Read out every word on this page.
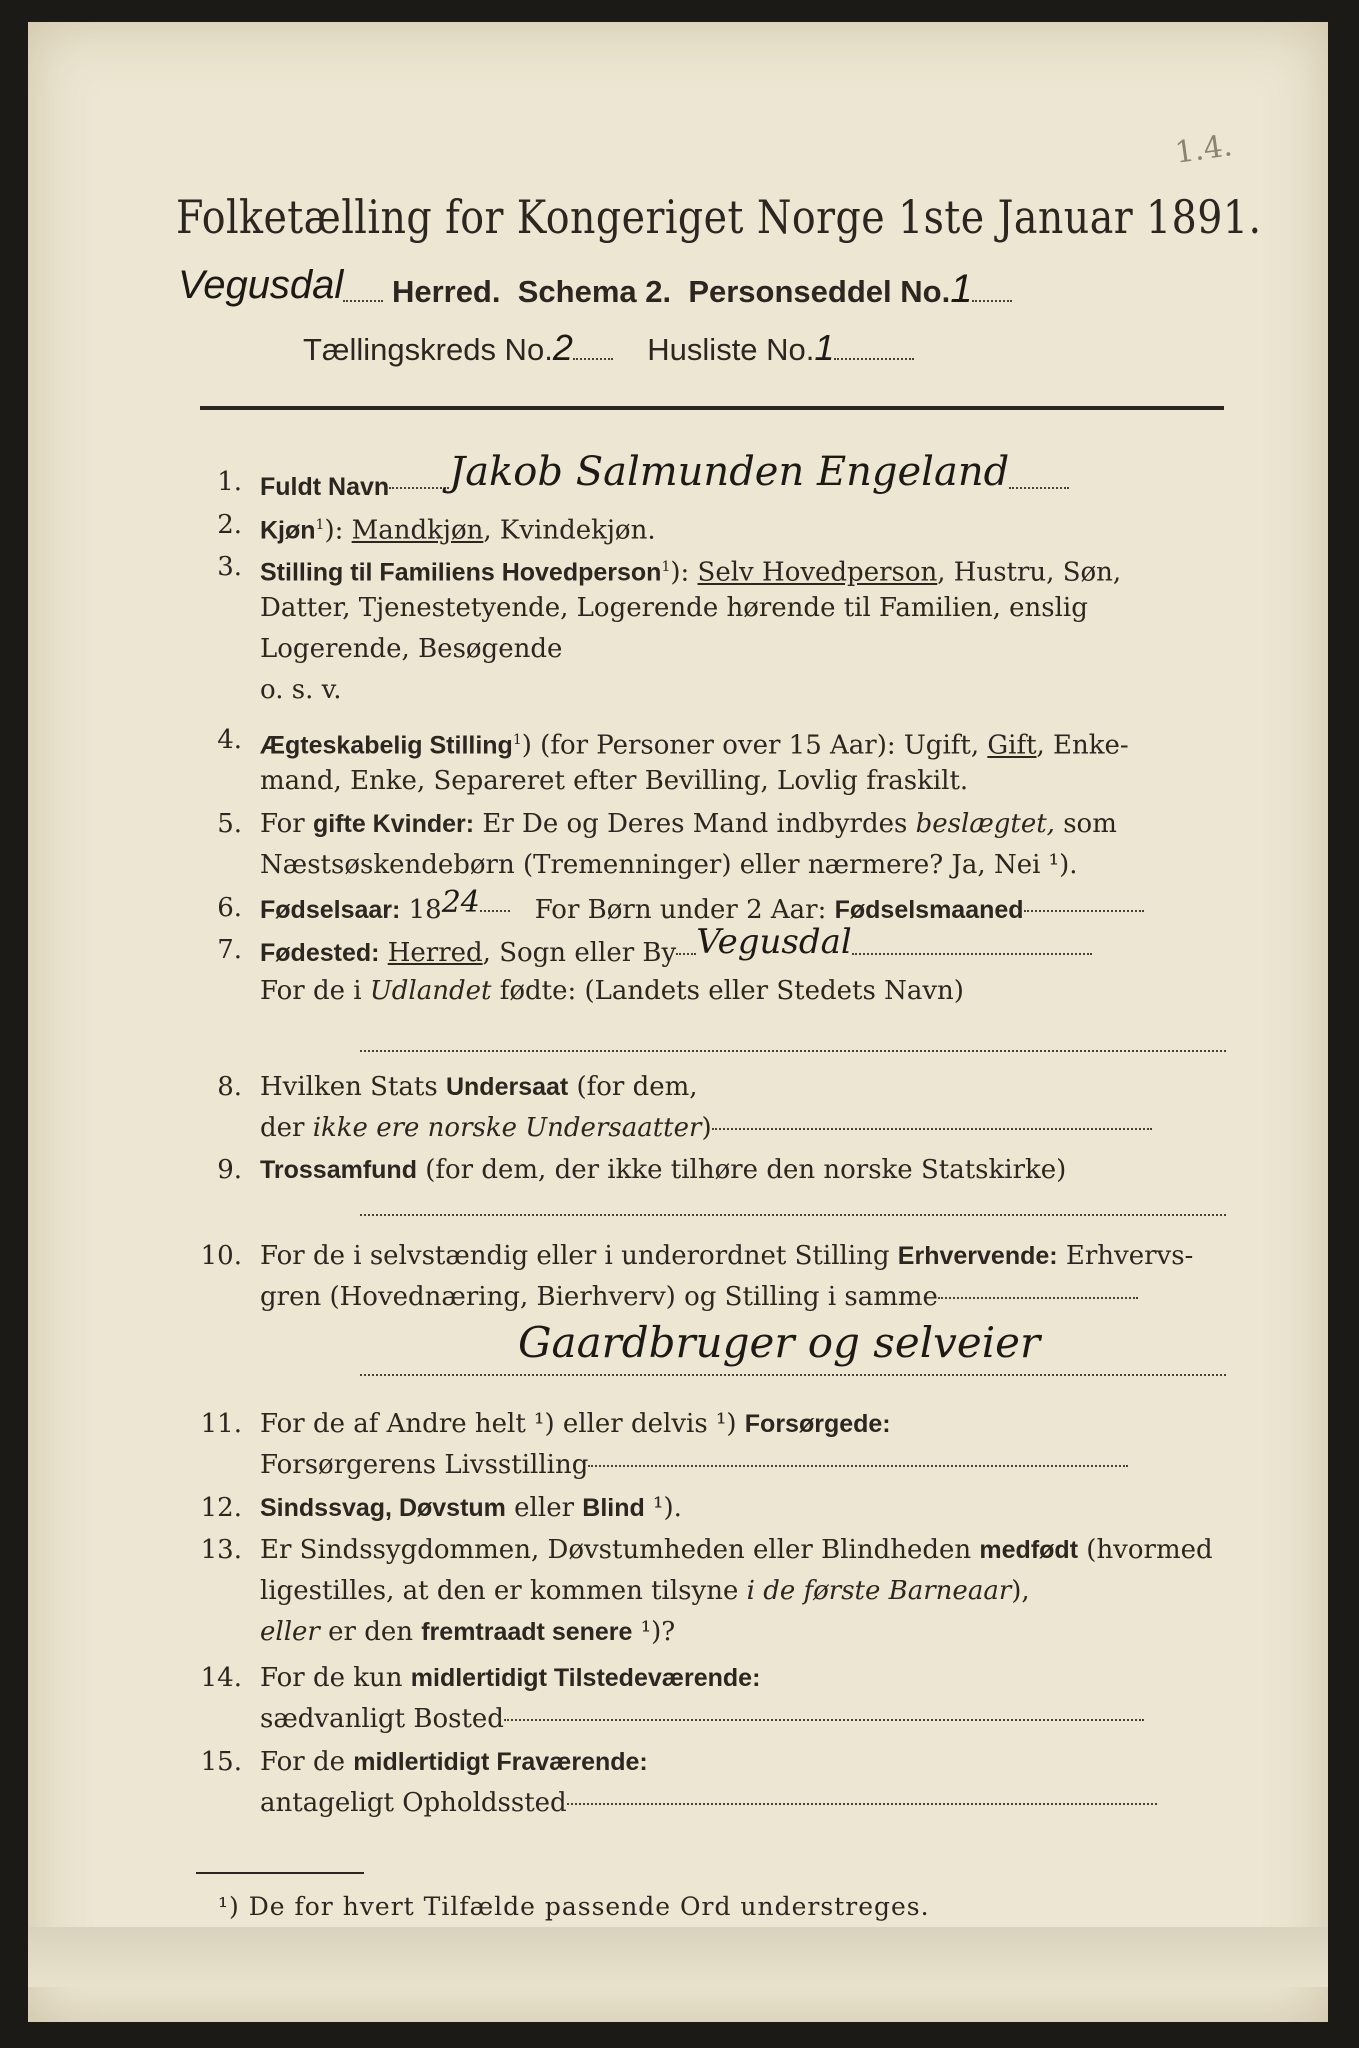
1.4.
Folketælling for Kongeriget Norge 1ste Januar 1891.
Vegusdal Herred. Schema 2. Personseddel No.1
Tællingskreds No.2 Husliste No.1
1. Fuldt Navn Jakob Salmunden Engeland
2. Kjøn$^1$): Mandkjøn, Kvindekjøn.
3. Stilling til Familiens Hovedperson$^1$): Selv Hovedperson, Hustru, Søn,
Datter, Tjenestetyende, Logerende hørende til Familien, enslig
Logerende, Besøgende
o. s. v.
4. Ægteskabelig Stilling$^1$) (for Personer over 15 Aar): Ugift, Gift, Enke-
mand, Enke, Separeret efter Bevilling, Lovlig fraskilt.
5. For gifte Kvinder: Er De og Deres Mand indbyrdes beslægtet, som
Næstsøskendebørn (Tremenninger) eller nærmere? Ja, Nei ¹).
6. Fødselsaar: 1824 For Børn under 2 Aar: Fødselsmaaned
7. Fødested: Herred, Sogn eller By Vegusdal
For de i Udlandet fødte: (Landets eller Stedets Navn)
8. Hvilken Stats Undersaat (for dem,
der ikke ere norske Undersaatter)
9. Trossamfund (for dem, der ikke tilhøre den norske Statskirke)
10. For de i selvstændig eller i underordnet Stilling Erhvervende: Erhvervs-
gren (Hovednæring, Bierhverv) og Stilling i samme
Gaardbruger og selveier
11. For de af Andre helt ¹) eller delvis ¹) Forsørgede:
Forsørgerens Livsstilling
12. Sindssvag, Døvstum eller Blind ¹).
13. Er Sindssygdommen, Døvstumheden eller Blindheden medfødt (hvormed
ligestilles, at den er kommen tilsyne i de første Barneaar),
eller er den fremtraadt senere ¹)?
14. For de kun midlertidigt Tilstedeværende:
sædvanligt Bosted
15. For de midlertidigt Fraværende:
antageligt Opholdssted
¹) De for hvert Tilfælde passende Ord understreges.
